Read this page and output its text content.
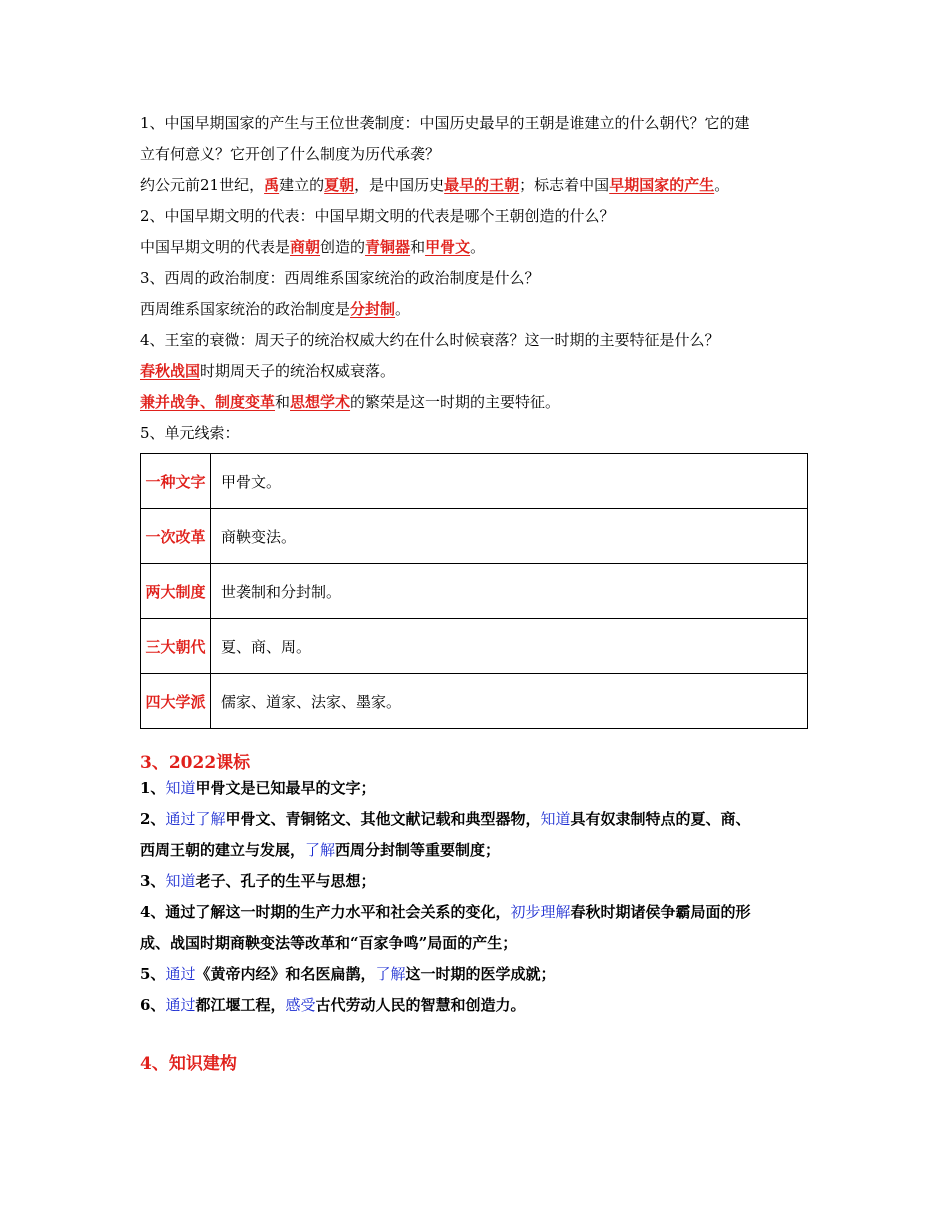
1、中国早期国家的产生与王位世袭制度：中国历史最早的王朝是谁建立的什么朝代？它的建
立有何意义？它开创了什么制度为历代承袭？
约公元前21世纪，禹建立的夏朝，是中国历史最早的王朝；标志着中国早期国家的产生。
2、中国早期文明的代表：中国早期文明的代表是哪个王朝创造的什么？
中国早期文明的代表是商朝创造的青铜器和甲骨文。
3、西周的政治制度：西周维系国家统治的政治制度是什么？
西周维系国家统治的政治制度是分封制。
4、王室的衰微：周天子的统治权威大约在什么时候衰落？这一时期的主要特征是什么？
春秋战国时期周天子的统治权威衰落。
兼并战争、制度变革和思想学术的繁荣是这一时期的主要特征。
5、单元线索：
一种文字	甲骨文。
一次改革	商鞅变法。
两大制度	世袭制和分封制。
三大朝代	夏、商、周。
四大学派	儒家、道家、法家、墨家。
3、2022课标
1、知道甲骨文是已知最早的文字；
2、通过了解甲骨文、青铜铭文、其他文献记载和典型器物，知道具有奴隶制特点的夏、商、
西周王朝的建立与发展，了解西周分封制等重要制度；
3、知道老子、孔子的生平与思想；
4、通过了解这一时期的生产力水平和社会关系的变化，初步理解春秋时期诸侯争霸局面的形
成、战国时期商鞅变法等改革和“百家争鸣”局面的产生；
5、通过《黄帝内经》和名医扁鹊，了解这一时期的医学成就；
6、通过都江堰工程，感受古代劳动人民的智慧和创造力。
4、知识建构
